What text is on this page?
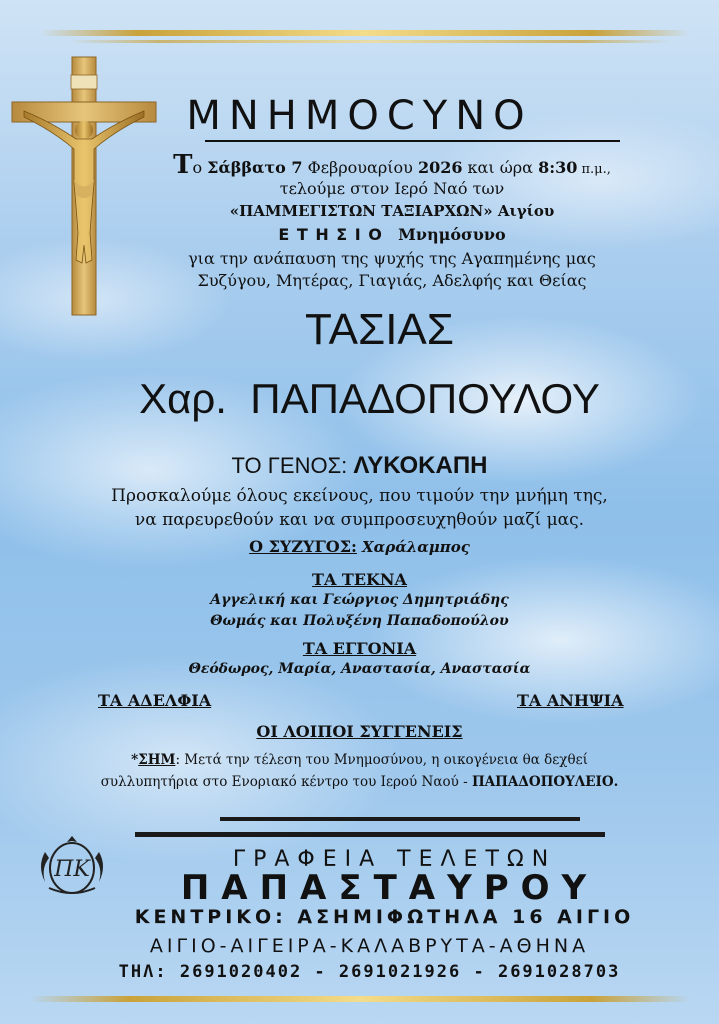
ΜΝΗΜΟCΥΝΟ
Το Σάββατο 7 Φεβρουαρίου 2026 και ώρα 8:30 π.μ.,
τελούμε στον Ιερό Ναό των
«ΠΑΜΜΕΓΙΣΤΩΝ ΤΑΞΙΑΡΧΩΝ» Αιγίου
Ε Τ Η Σ Ι Ο Μνημόσυνο
για την ανάπαυση της ψυχής της Αγαπημένης μας
Συζύγου, Μητέρας, Γιαγιάς, Αδελφής και Θείας
ΤΑΣΙΑΣ
Χαρ.  ΠΑΠΑΔΟΠΟΥΛΟΥ
ΤΟ ΓΕΝΟΣ: ΛΥΚΟΚΑΠΗ
Προσκαλούμε όλους εκείνους, που τιμούν την μνήμη της,
να παρευρεθούν και να συμπροσευχηθούν μαζί μας.
Ο ΣΥΖΥΓΟΣ: Χαράλαμπος
ΤΑ ΤΕΚΝΑ
Αγγελική και Γεώργιος Δημητριάδης
Θωμάς και Πολυξένη Παπαδοπούλου
ΤΑ ΕΓΓΟΝΙΑ
Θεόδωρος, Μαρία, Αναστασία, Αναστασία
ΤΑ ΑΔΕΛΦΙΑ	ΤΑ ΑΝΗΨΙΑ
ΟΙ ΛΟΙΠΟΙ ΣΥΓΓΕΝΕΙΣ
*ΣΗΜ: Μετά την τέλεση του Μνημοσύνου, η οικογένεια θα δεχθεί
συλλυπητήρια στο Ενοριακό κέντρο του Ιερού Ναού - ΠΑΠΑΔΟΠΟΥΛΕΙΟ.
ΠΚ	ΓΡΑΦΕΙΑ ΤΕΛΕΤΩΝ
ΠΑΠΑΣΤΑΥΡΟΥ
ΚΕΝΤΡΙΚΟ: ΑΣΗΜΙΦΩΤΗΛΑ 16 ΑΙΓΙΟ
ΑΙΓΙΟ-ΑΙΓΕΙΡΑ-ΚΑΛΑΒΡΥΤΑ-ΑΘΗΝΑ
ΤΗΛ: 2691020402 - 2691021926 - 2691028703
